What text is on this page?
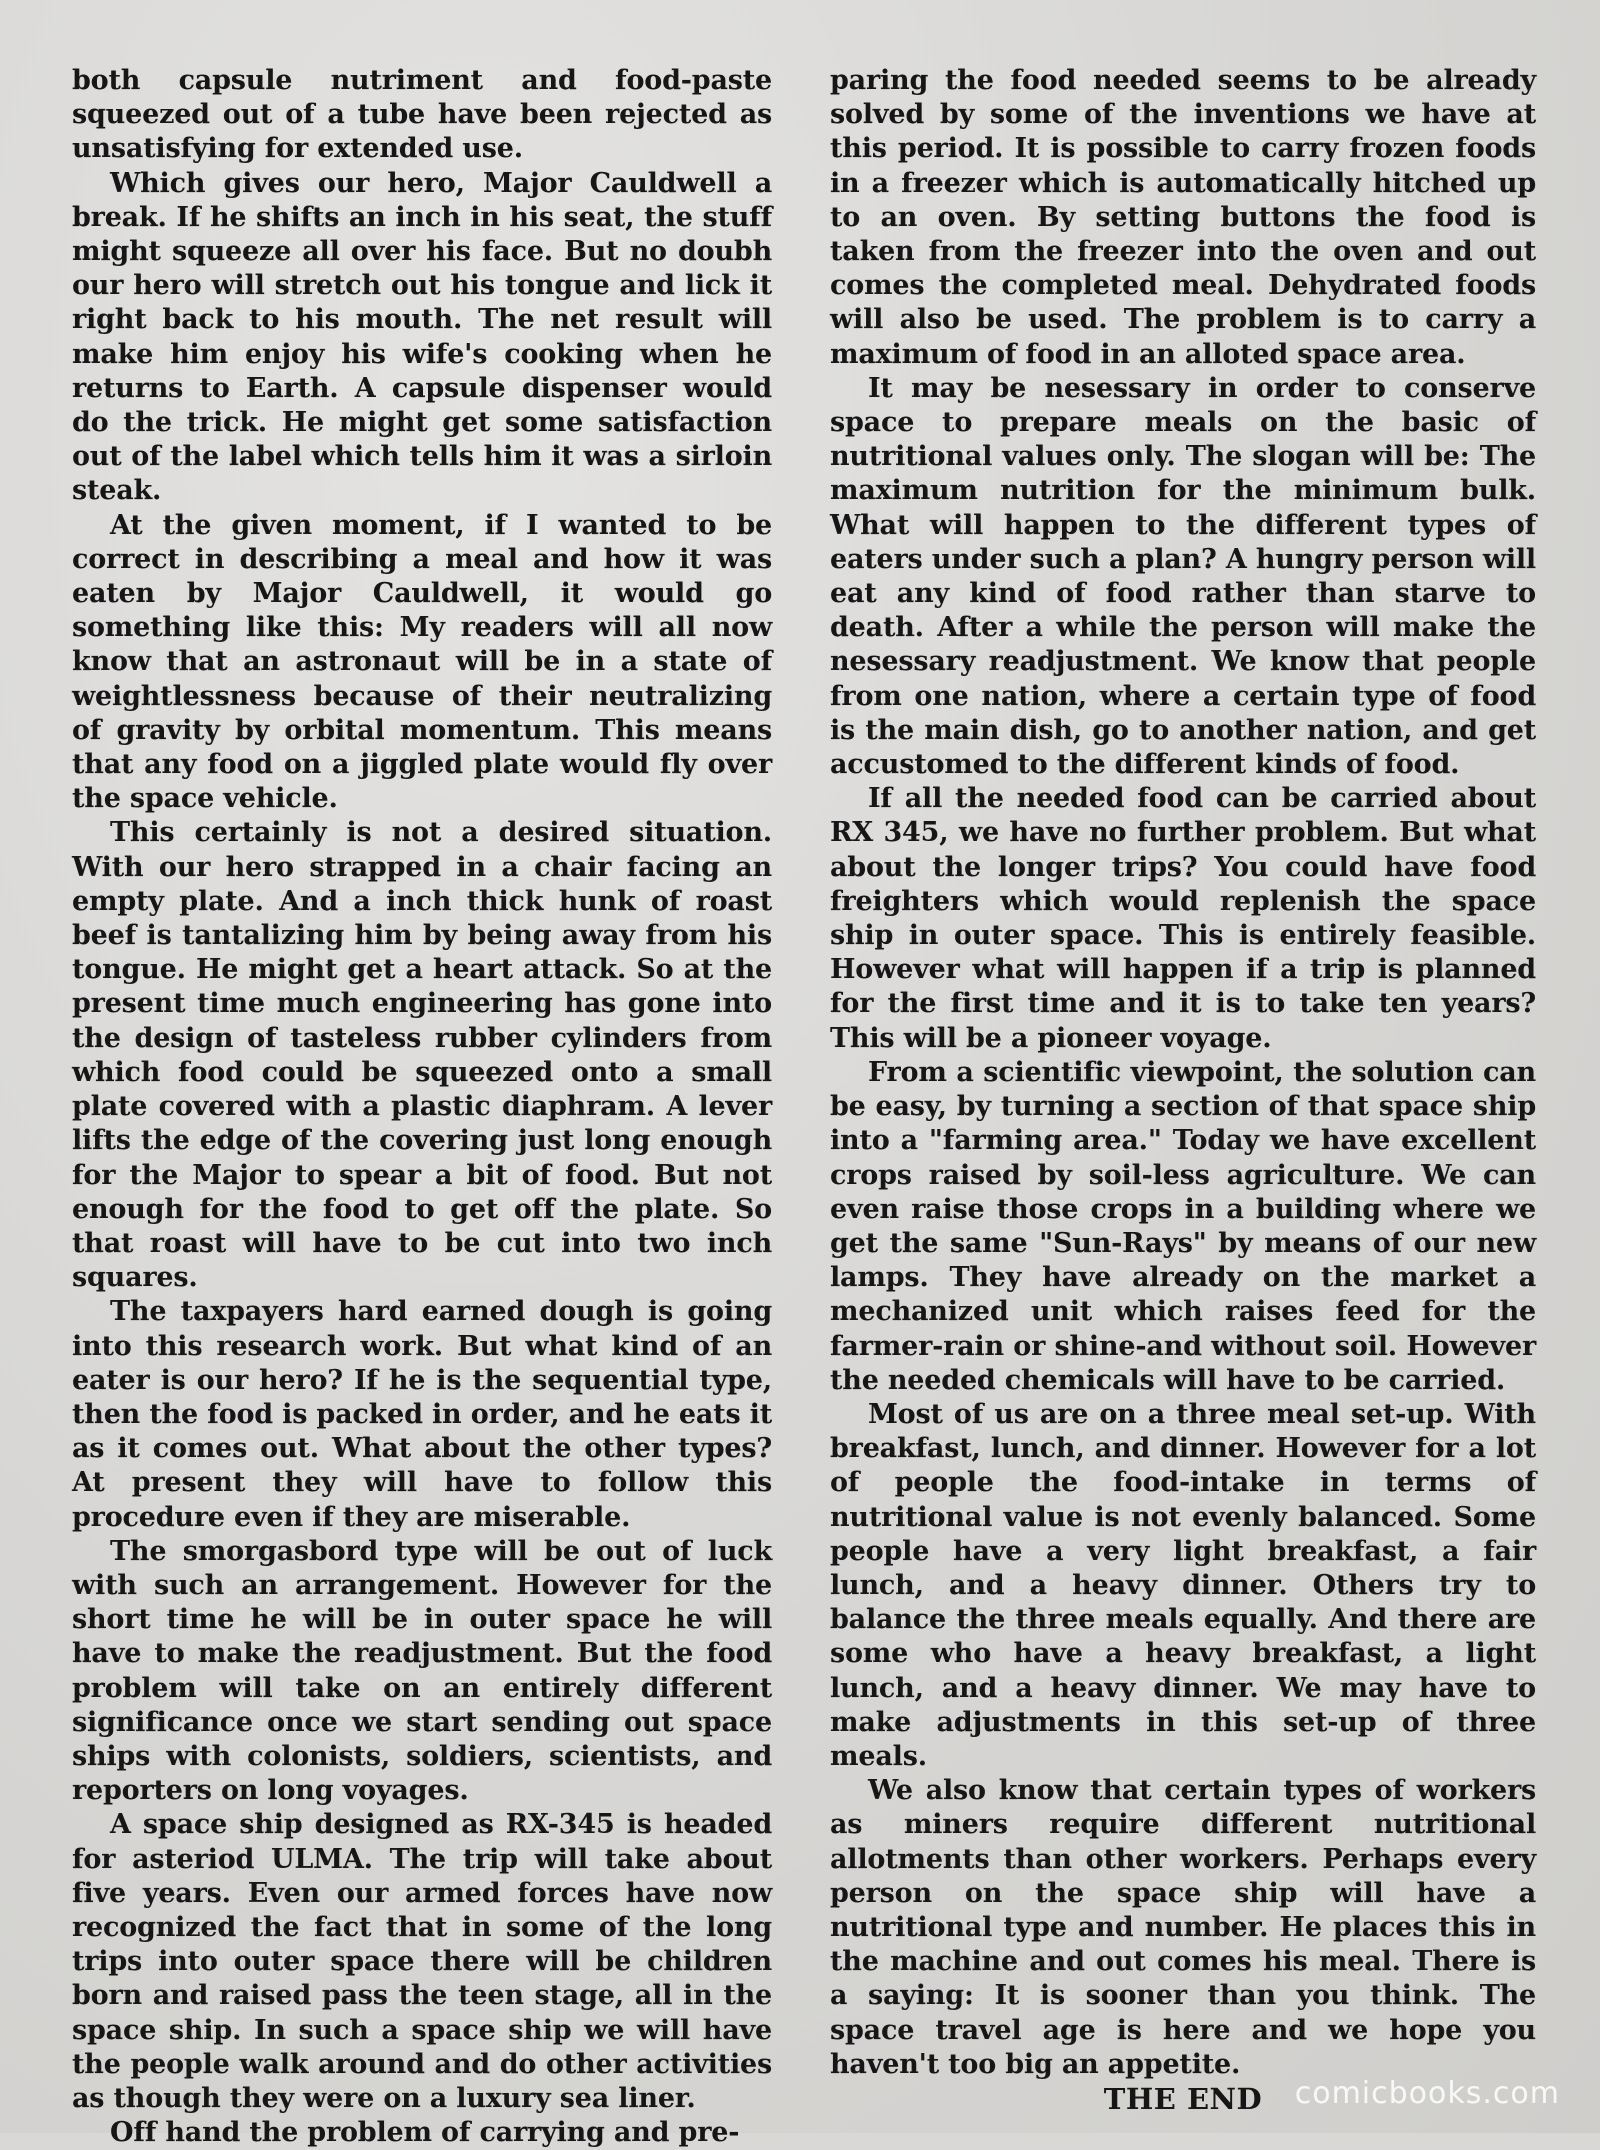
both capsule nutriment and food-paste squeezed out of a tube have been rejected as unsatisfying for extended use.

Which gives our hero, Major Cauldwell a break. If he shifts an inch in his seat, the stuff might squeeze all over his face. But no doubh our hero will stretch out his tongue and lick it right back to his mouth. The net result will make him enjoy his wife's cooking when he returns to Earth. A capsule dispenser would do the trick. He might get some satisfaction out of the label which tells him it was a sirloin steak.

At the given moment, if I wanted to be correct in describing a meal and how it was eaten by Major Cauldwell, it would go something like this: My readers will all now know that an astronaut will be in a state of weightlessness because of their neutralizing of gravity by orbital momentum. This means that any food on a jiggled plate would fly over the space vehicle.

This certainly is not a desired situation. With our hero strapped in a chair facing an empty plate. And a inch thick hunk of roast beef is tantalizing him by being away from his tongue. He might get a heart attack. So at the present time much engineering has gone into the design of tasteless rubber cylinders from which food could be squeezed onto a small plate covered with a plastic diaphram. A lever lifts the edge of the covering just long enough for the Major to spear a bit of food. But not enough for the food to get off the plate. So that roast will have to be cut into two inch squares.

The taxpayers hard earned dough is going into this research work. But what kind of an eater is our hero? If he is the sequential type, then the food is packed in order, and he eats it as it comes out. What about the other types? At present they will have to follow this procedure even if they are miserable.

The smorgasbord type will be out of luck with such an arrangement. However for the short time he will be in outer space he will have to make the readjustment. But the food problem will take on an entirely different significance once we start sending out space ships with colonists, soldiers, scientists, and reporters on long voyages.

A space ship designed as RX-345 is headed for asteriod ULMA. The trip will take about five years. Even our armed forces have now recognized the fact that in some of the long trips into outer space there will be children born and raised pass the teen stage, all in the space ship. In such a space ship we will have the people walk around and do other activities as though they were on a luxury sea liner.

Off hand the problem of carrying and pre-

paring the food needed seems to be already solved by some of the inventions we have at this period. It is possible to carry frozen foods in a freezer which is automatically hitched up to an oven. By setting buttons the food is taken from the freezer into the oven and out comes the completed meal. Dehydrated foods will also be used. The problem is to carry a maximum of food in an alloted space area.

It may be nesessary in order to conserve space to prepare meals on the basic of nutritional values only. The slogan will be: The maximum nutrition for the minimum bulk. What will happen to the different types of eaters under such a plan? A hungry person will eat any kind of food rather than starve to death. After a while the person will make the nesessary readjustment. We know that people from one nation, where a certain type of food is the main dish, go to another nation, and get accustomed to the different kinds of food.

If all the needed food can be carried about RX 345, we have no further problem. But what about the longer trips? You could have food freighters which would replenish the space ship in outer space. This is entirely feasible. However what will happen if a trip is planned for the first time and it is to take ten years? This will be a pioneer voyage.

From a scientific viewpoint, the solution can be easy, by turning a section of that space ship into a "farming area." Today we have excellent crops raised by soil-less agriculture. We can even raise those crops in a building where we get the same "Sun-Rays" by means of our new lamps. They have already on the market a mechanized unit which raises feed for the farmer-rain or shine-and without soil. However the needed chemicals will have to be carried.

Most of us are on a three meal set-up. With breakfast, lunch, and dinner. However for a lot of people the food-intake in terms of nutritional value is not evenly balanced. Some people have a very light breakfast, a fair lunch, and a heavy dinner. Others try to balance the three meals equally. And there are some who have a heavy breakfast, a light lunch, and a heavy dinner. We may have to make adjustments in this set-up of three meals.

We also know that certain types of workers as miners require different nutritional allotments than other workers. Perhaps every person on the space ship will have a nutritional type and number. He places this in the machine and out comes his meal. There is a saying: It is sooner than you think. The space travel age is here and we hope you haven't too big an appetite.

THE END	comicbooks.com
